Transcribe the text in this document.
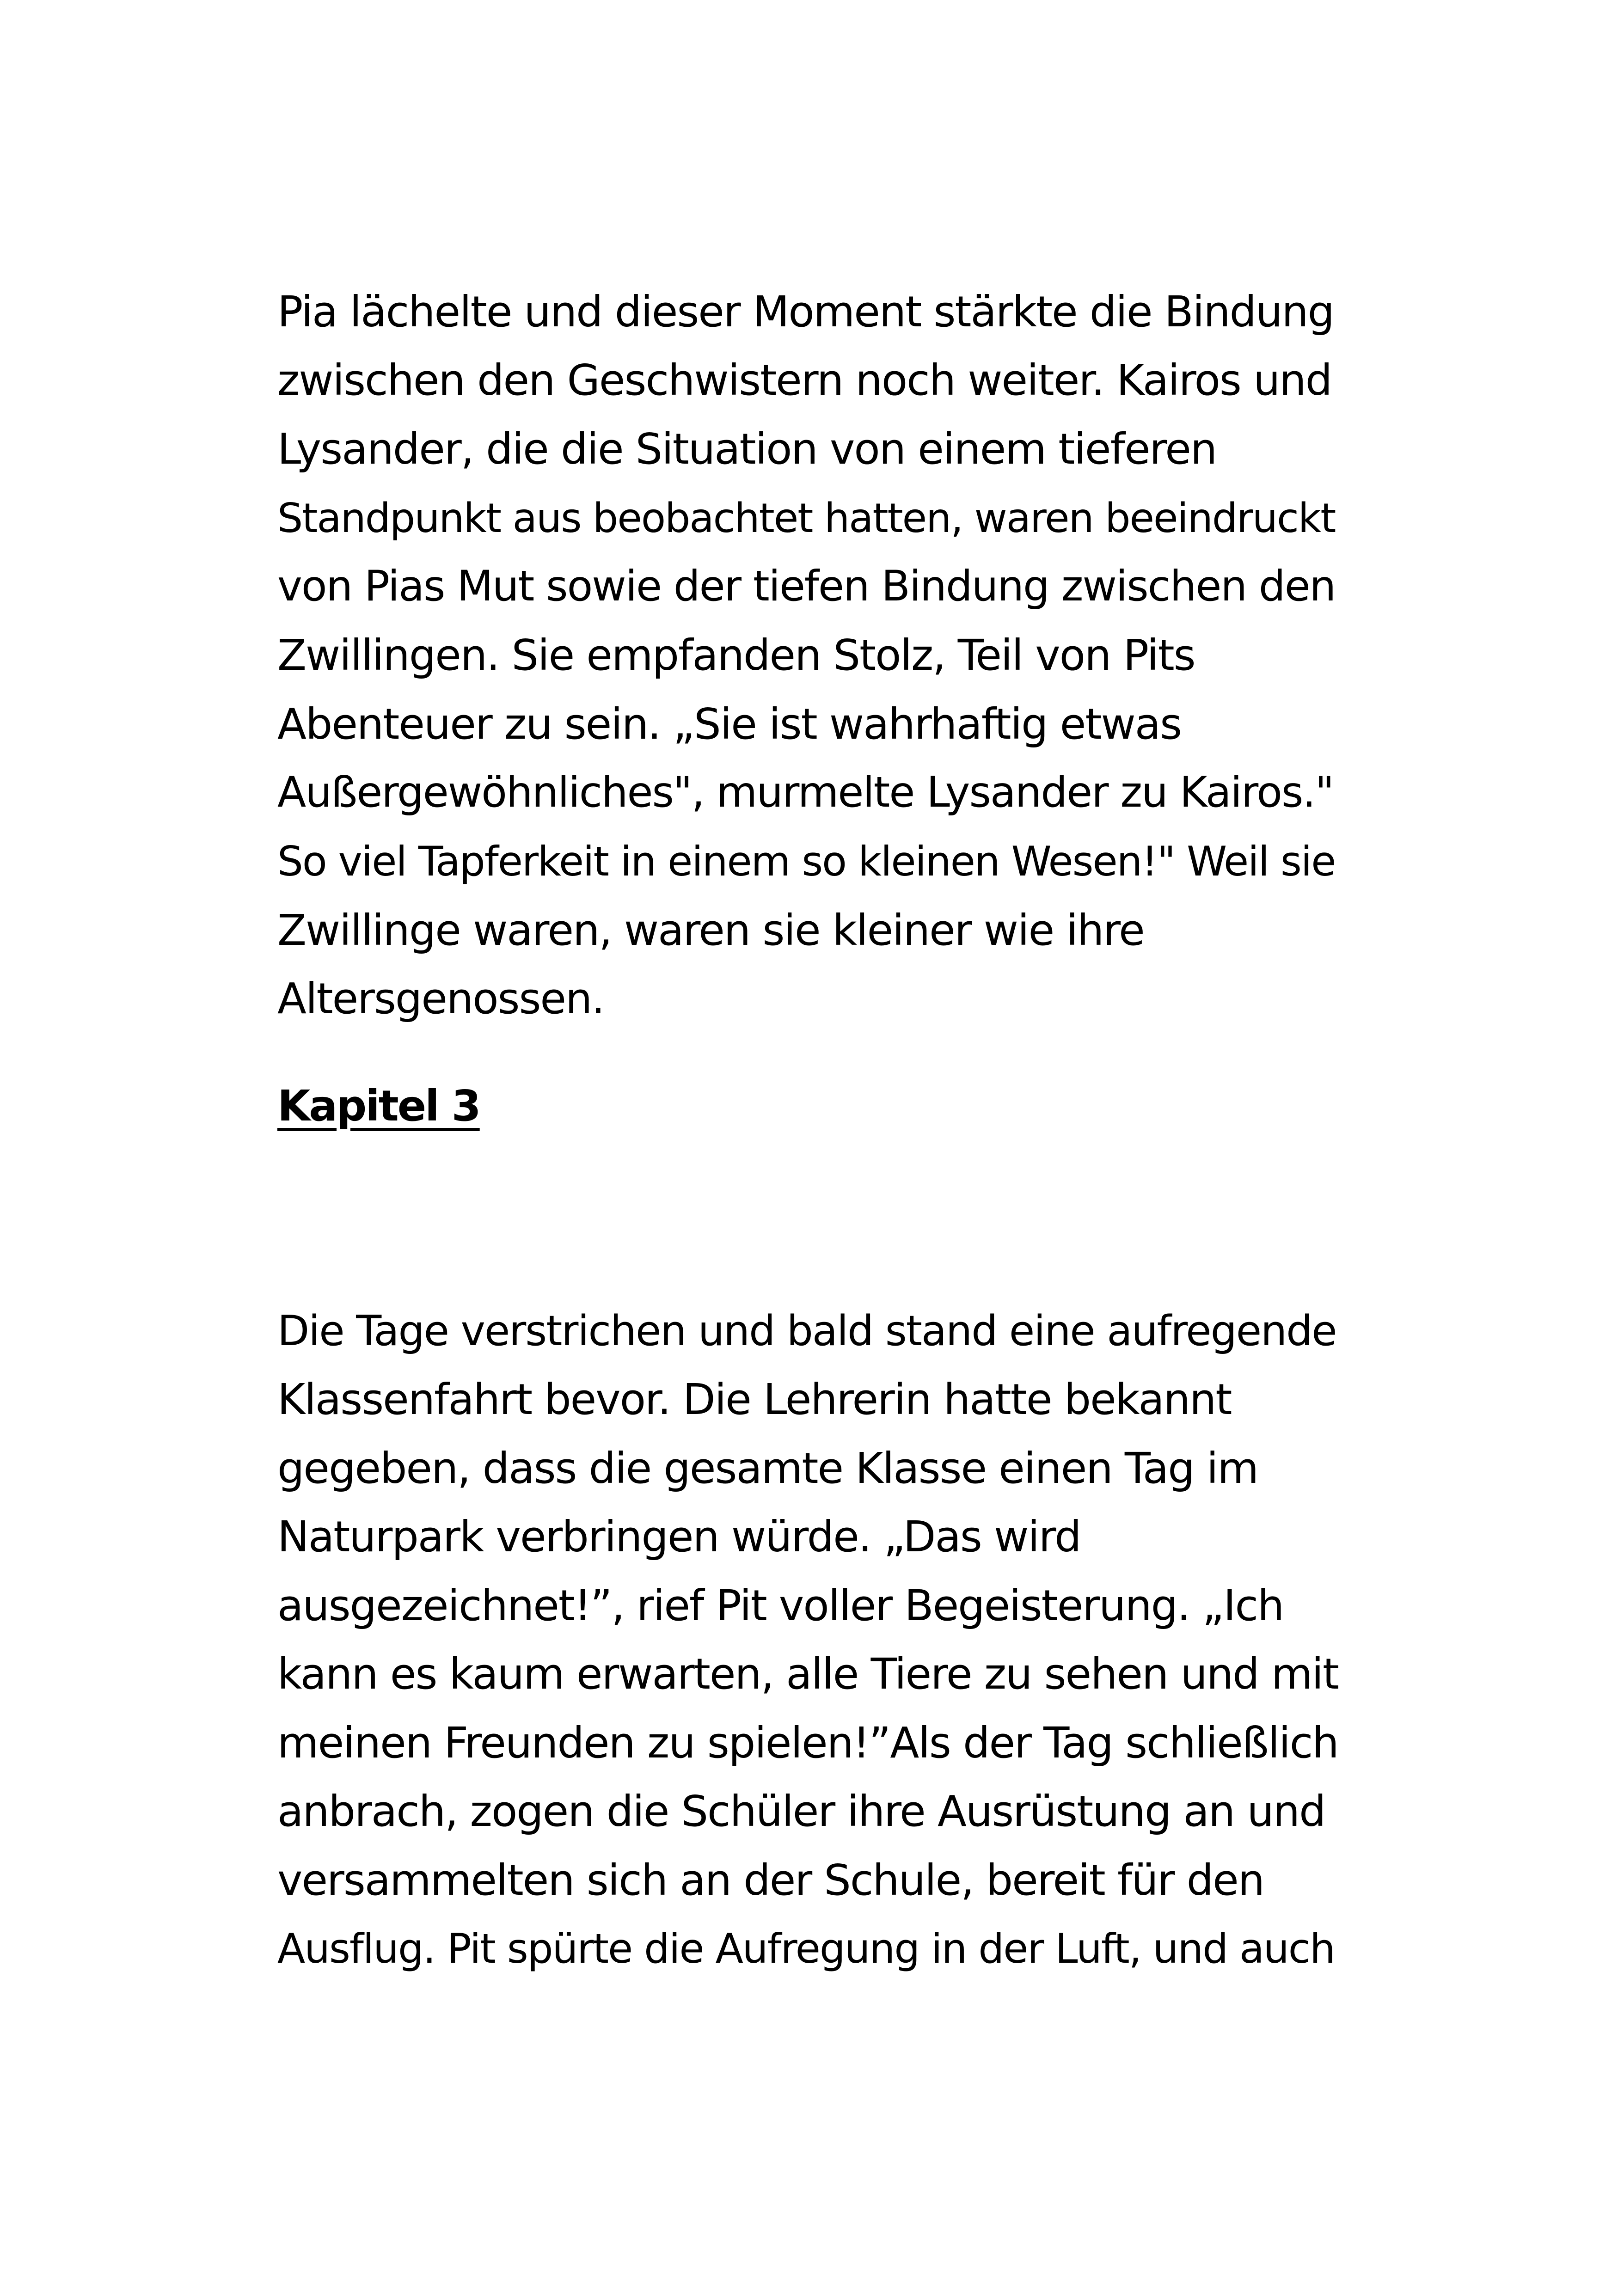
Pia lächelte und dieser Moment stärkte die Bindung

zwischen den Geschwistern noch weiter. Kairos und

Lysander, die die Situation von einem tieferen

Standpunkt aus beobachtet hatten, waren beeindruckt

von Pias Mut sowie der tiefen Bindung zwischen den

Zwillingen. Sie empfanden Stolz, Teil von Pits

Abenteuer zu sein. „Sie ist wahrhaftig etwas

Außergewöhnliches", murmelte Lysander zu Kairos."

So viel Tapferkeit in einem so kleinen Wesen!" Weil sie

Zwillinge waren, waren sie kleiner wie ihre

Altersgenossen.

Kapitel 3

Die Tage verstrichen und bald stand eine aufregende

Klassenfahrt bevor. Die Lehrerin hatte bekannt

gegeben, dass die gesamte Klasse einen Tag im

Naturpark verbringen würde. „Das wird

ausgezeichnet!”, rief Pit voller Begeisterung. „Ich

kann es kaum erwarten, alle Tiere zu sehen und mit

meinen Freunden zu spielen!”Als der Tag schließlich

anbrach, zogen die Schüler ihre Ausrüstung an und

versammelten sich an der Schule, bereit für den

Ausflug. Pit spürte die Aufregung in der Luft, und auch
